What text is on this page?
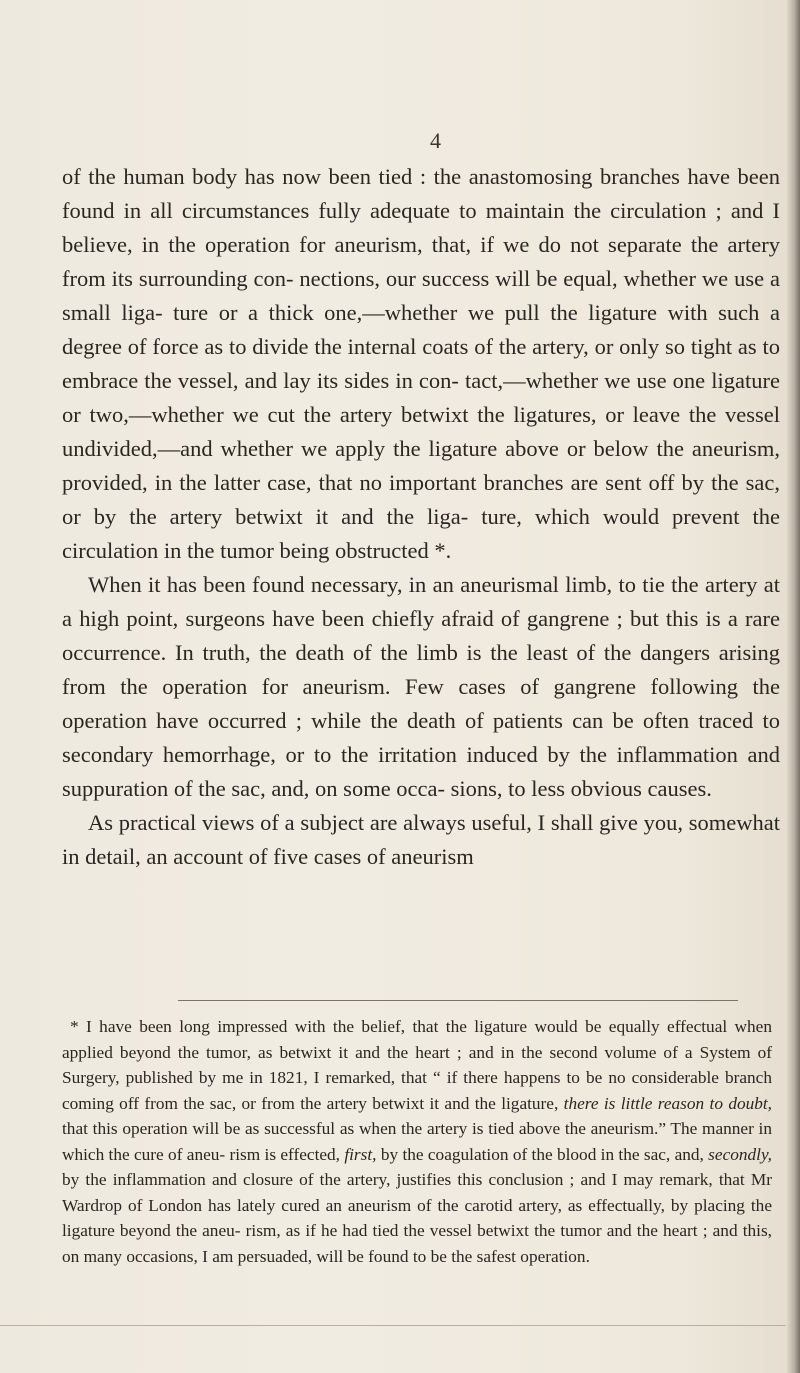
4

of the human body has now been tied : the anastomosing branches have been found in all circumstances fully adequate to maintain the circulation ; and I believe, in the operation for aneurism, that, if we do not separate the artery from its surrounding con- nections, our success will be equal, whether we use a small liga- ture or a thick one,—whether we pull the ligature with such a degree of force as to divide the internal coats of the artery, or only so tight as to embrace the vessel, and lay its sides in con- tact,—whether we use one ligature or two,—whether we cut the artery betwixt the ligatures, or leave the vessel undivided,—and whether we apply the ligature above or below the aneurism, provided, in the latter case, that no important branches are sent off by the sac, or by the artery betwixt it and the liga- ture, which would prevent the circulation in the tumor being obstructed *.

When it has been found necessary, in an aneurismal limb, to tie the artery at a high point, surgeons have been chiefly afraid of gangrene ; but this is a rare occurrence. In truth, the death of the limb is the least of the dangers arising from the operation for aneurism. Few cases of gangrene following the operation have occurred ; while the death of patients can be often traced to secondary hemorrhage, or to the irritation induced by the inflammation and suppuration of the sac, and, on some occa- sions, to less obvious causes.

As practical views of a subject are always useful, I shall give you, somewhat in detail, an account of five cases of aneurism

* I have been long impressed with the belief, that the ligature would be equally effectual when applied beyond the tumor, as betwixt it and the heart ; and in the second volume of a System of Surgery, published by me in 1821, I remarked, that “ if there happens to be no considerable branch coming off from the sac, or from the artery betwixt it and the ligature, there is little reason to doubt, that this operation will be as successful as when the artery is tied above the aneurism.” The manner in which the cure of aneu- rism is effected, first, by the coagulation of the blood in the sac, and, secondly, by the inflammation and closure of the artery, justifies this conclusion ; and I may remark, that Mr Wardrop of London has lately cured an aneurism of the carotid artery, as effectually, by placing the ligature beyond the aneu- rism, as if he had tied the vessel betwixt the tumor and the heart ; and this, on many occasions, I am persuaded, will be found to be the safest operation.
